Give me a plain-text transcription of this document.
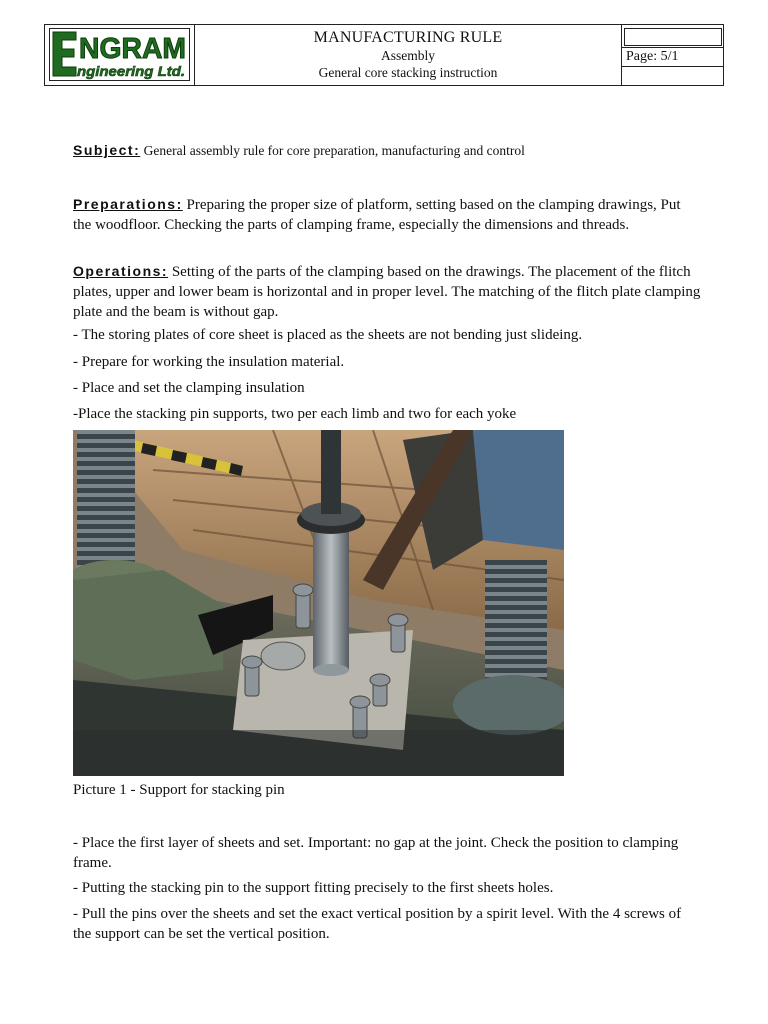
NGRAM
ngineering Ltd.
MANUFACTURING RULE
Assembly
General core stacking instruction
Page: 5/1
Subject: General assembly rule for core preparation, manufacturing and control
Preparations: Preparing the proper size of platform, setting based on the clamping drawings, Put the woodfloor. Checking the parts of clamping frame, especially the dimensions and threads.
Operations: Setting of the parts of the clamping based on the drawings. The placement of the flitch plates, upper and lower beam is horizontal and in proper level. The matching of the flitch plate clamping plate and the beam is without gap.
- The storing plates of core sheet is placed as the sheets are not bending just slideing.
- Prepare for working the insulation material.
- Place and set the clamping insulation
-Place the stacking pin supports, two per each limb and two for each yoke
Picture 1 - Support for stacking pin
- Place the first layer of sheets and set. Important: no gap at the joint. Check the position to clamping frame.
- Putting the stacking pin to the support fitting precisely to the first sheets holes.
- Pull the pins over the sheets and set the exact vertical position by a spirit level. With the 4 screws of the support can be set the vertical position.
